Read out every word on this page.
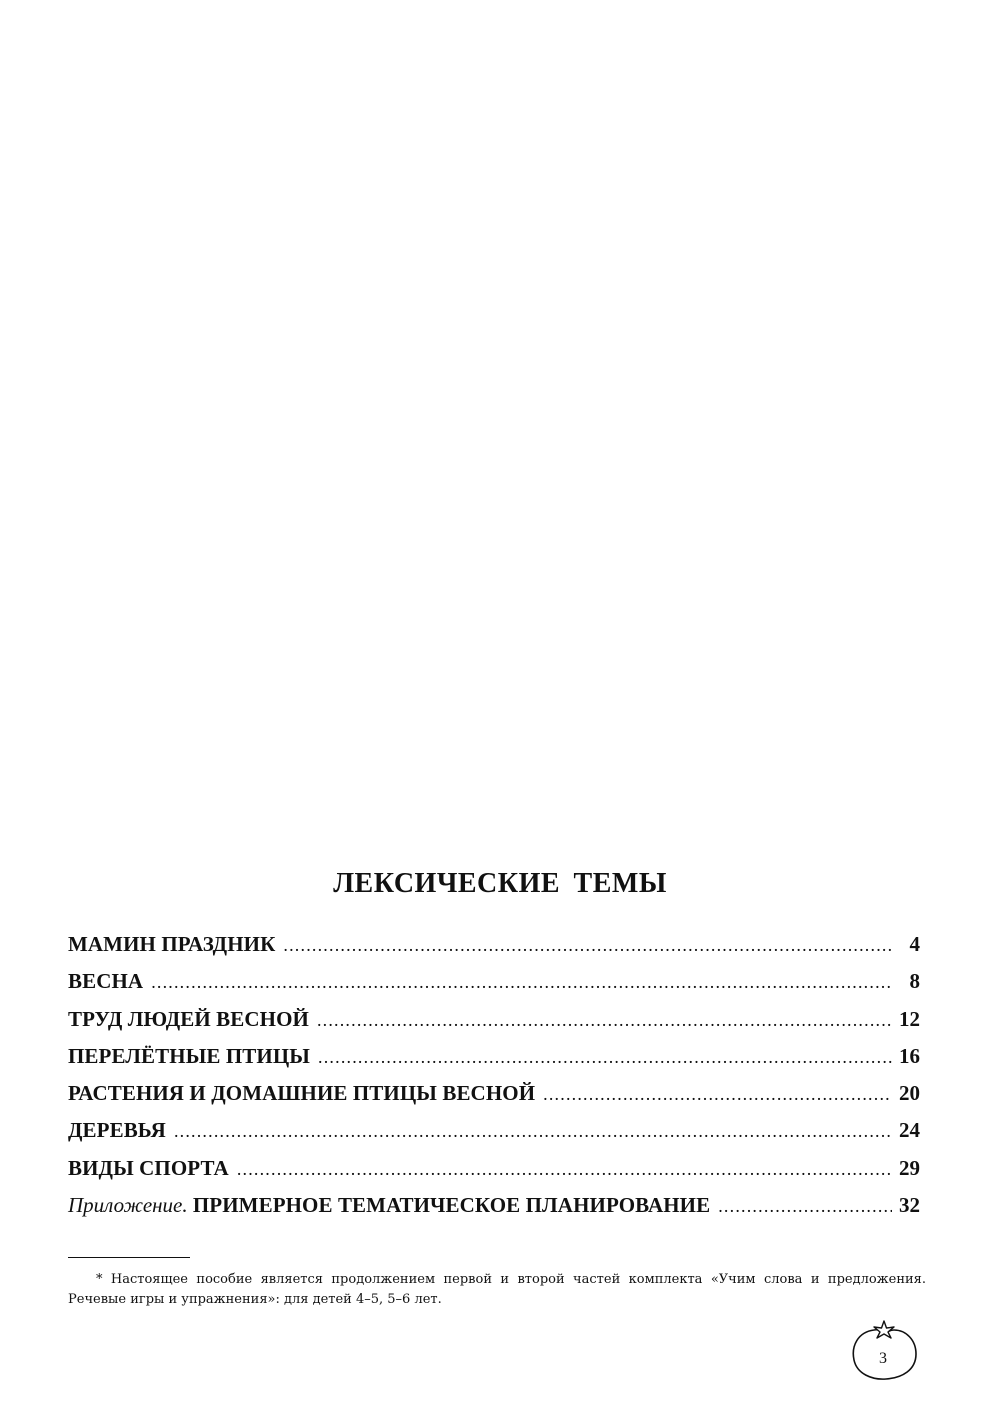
ЛЕКСИЧЕСКИЕ ТЕМЫ
МАМИН ПРАЗДНИК .....	4
ВЕСНА .....	8
ТРУД ЛЮДЕЙ ВЕСНОЙ .....	12
ПЕРЕЛЁТНЫЕ ПТИЦЫ .....	16
РАСТЕНИЯ И ДОМАШНИЕ ПТИЦЫ ВЕСНОЙ .....	20
ДЕРЕВЬЯ .....	24
ВИДЫ СПОРТА .....	29
Приложение. ПРИМЕРНОЕ ТЕМАТИЧЕСКОЕ ПЛАНИРОВАНИЕ .....	32

* Настоящее пособие является продолжением первой и второй частей комплекта «Учим слова и предложения. Речевые игры и упражнения»: для детей 4–5, 5–6 лет.

3
